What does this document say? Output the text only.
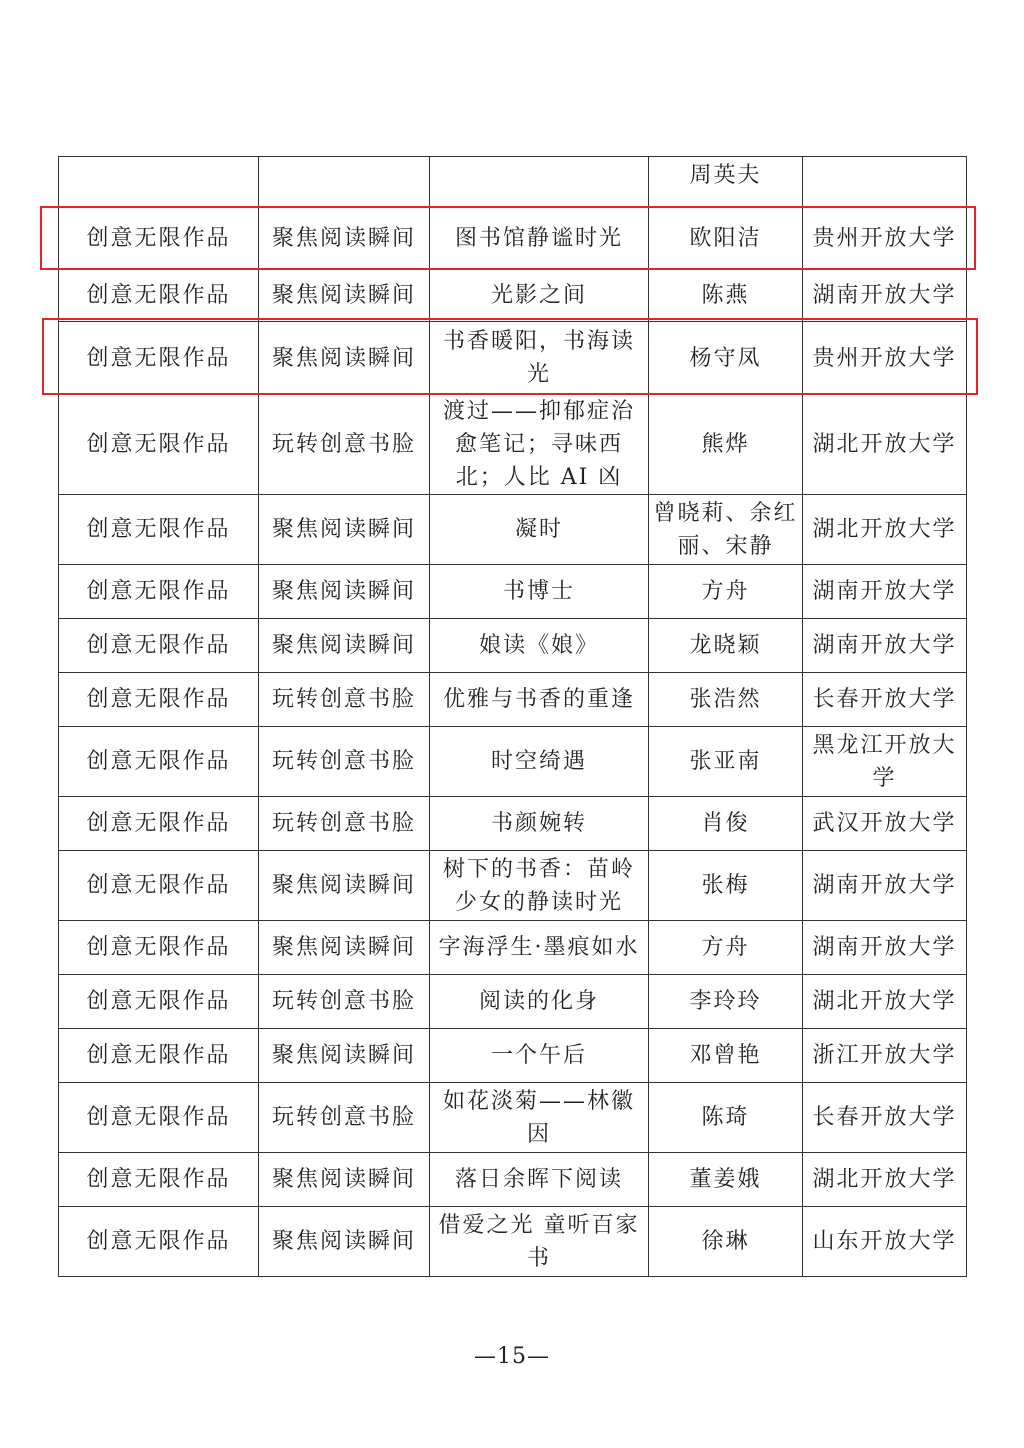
			周英夫	
创意无限作品	聚焦阅读瞬间	图书馆静谧时光	欧阳洁	贵州开放大学
创意无限作品	聚焦阅读瞬间	光影之间	陈燕	湖南开放大学
创意无限作品	聚焦阅读瞬间	书香暖阳，书海读光	杨守凤	贵州开放大学
创意无限作品	玩转创意书脸	渡过——抑郁症治愈笔记；寻味西北；人比 AI 凶	熊烨	湖北开放大学
创意无限作品	聚焦阅读瞬间	凝时	曾晓莉、余红丽、宋静	湖北开放大学
创意无限作品	聚焦阅读瞬间	书博士	方舟	湖南开放大学
创意无限作品	聚焦阅读瞬间	娘读《娘》	龙晓颖	湖南开放大学
创意无限作品	玩转创意书脸	优雅与书香的重逢	张浩然	长春开放大学
创意无限作品	玩转创意书脸	时空绮遇	张亚南	黑龙江开放大学
创意无限作品	玩转创意书脸	书颜婉转	肖俊	武汉开放大学
创意无限作品	聚焦阅读瞬间	树下的书香：苗岭少女的静读时光	张梅	湖南开放大学
创意无限作品	聚焦阅读瞬间	字海浮生·墨痕如水	方舟	湖南开放大学
创意无限作品	玩转创意书脸	阅读的化身	李玲玲	湖北开放大学
创意无限作品	聚焦阅读瞬间	一个午后	邓曾艳	浙江开放大学
创意无限作品	玩转创意书脸	如花淡菊——林徽因	陈琦	长春开放大学
创意无限作品	聚焦阅读瞬间	落日余晖下阅读	董姜娥	湖北开放大学
创意无限作品	聚焦阅读瞬间	借爱之光 童听百家书	徐琳	山东开放大学
—15—
